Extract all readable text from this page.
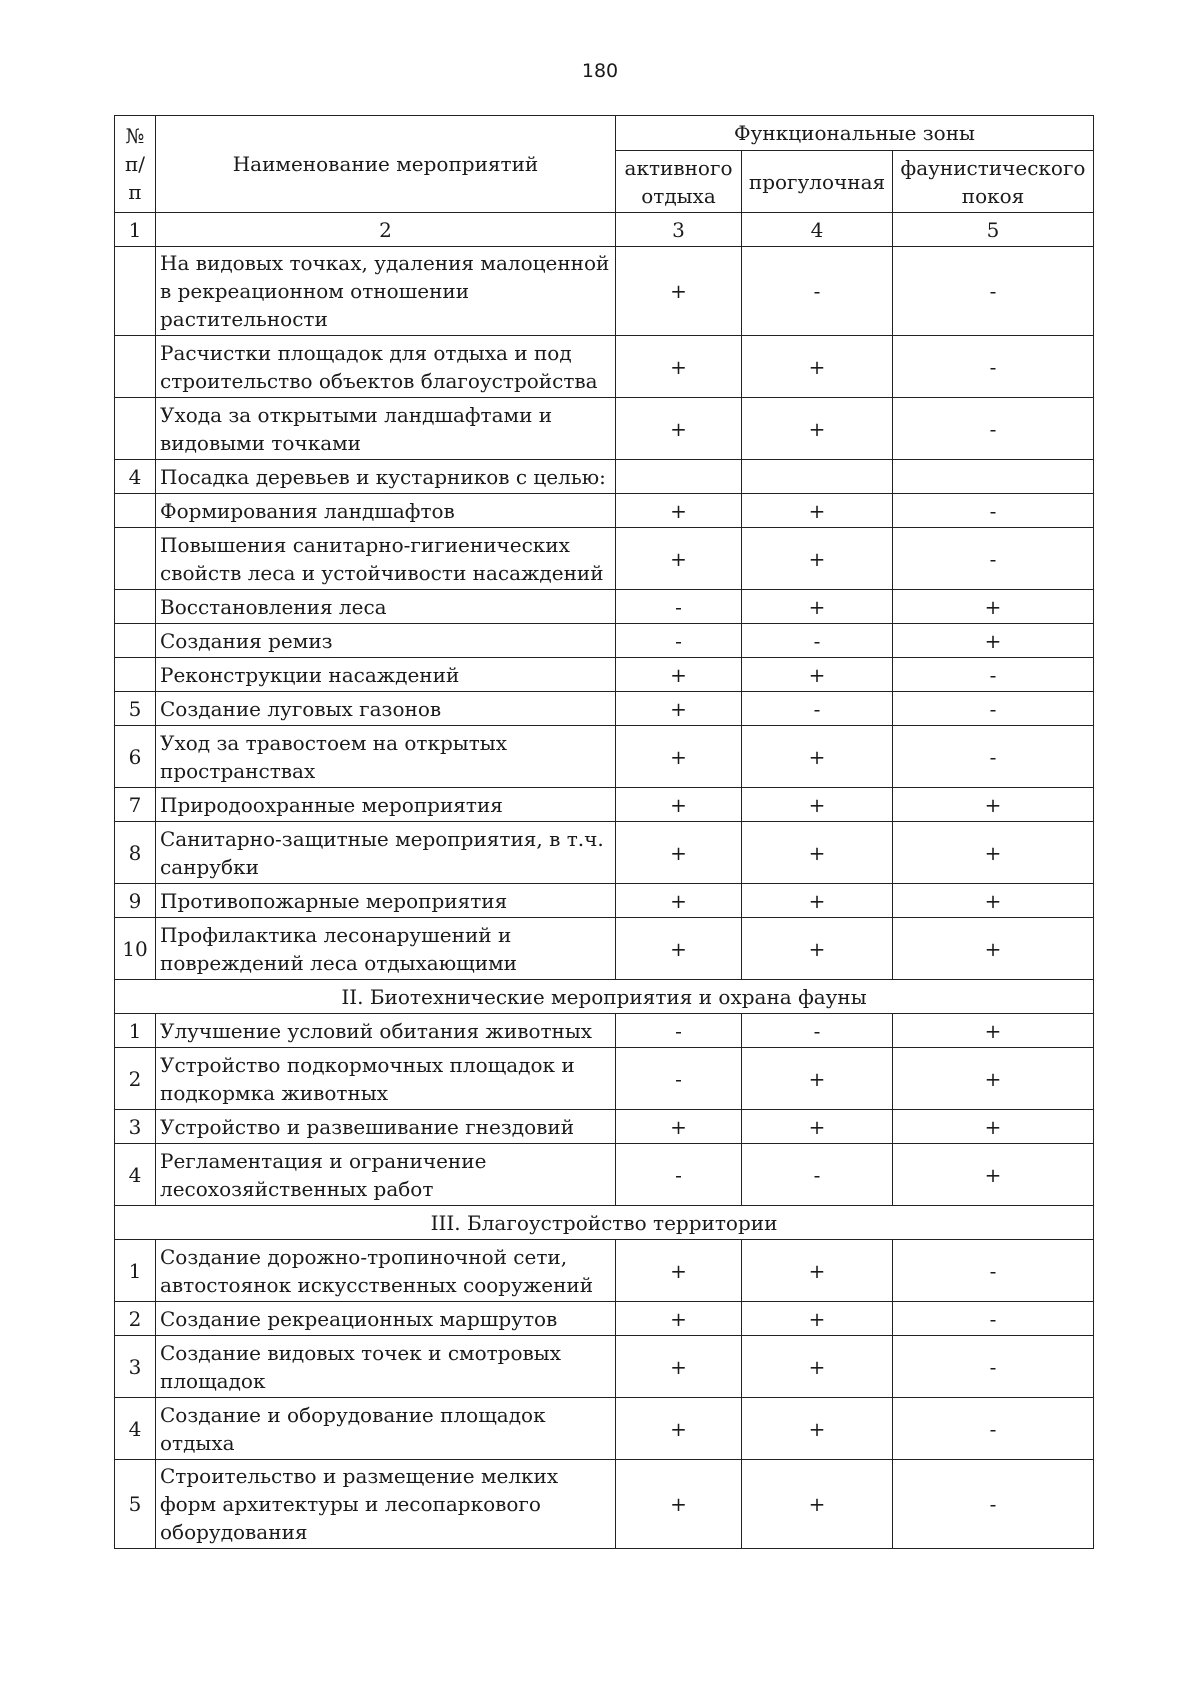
180
№ п/п	Наименование мероприятий	Функциональные зоны		
		активного отдыха	прогулочная	фаунистического покоя
1	2	3	4	5
	На видовых точках, удаления малоценной в рекреационном отношении растительности	+	-	-
	Расчистки площадок для отдыха и под строительство объектов благоустройства	+	+	-
	Ухода за открытыми ландшафтами и видовыми точками	+	+	-
4	Посадка деревьев и кустарников с целью:			
	Формирования ландшафтов	+	+	-
	Повышения санитарно-гигиенических свойств леса и устойчивости насаждений	+	+	-
	Восстановления леса	-	+	+
	Создания ремиз	-	-	+
	Реконструкции насаждений	+	+	-
5	Создание луговых газонов	+	-	-
6	Уход за травостоем на открытых пространствах	+	+	-
7	Природоохранные мероприятия	+	+	+
8	Санитарно-защитные мероприятия, в т.ч. санрубки	+	+	+
9	Противопожарные мероприятия	+	+	+
10	Профилактика лесонарушений и повреждений леса отдыхающими	+	+	+
II. Биотехнические мероприятия и охрана фауны				
1	Улучшение условий обитания животных	-	-	+
2	Устройство подкормочных площадок и подкормка животных	-	+	+
3	Устройство и развешивание гнездовий	+	+	+
4	Регламентация и ограничение лесохозяйственных работ	-	-	+
III. Благоустройство территории				
1	Создание дорожно-тропиночной сети, автостоянок искусственных сооружений	+	+	-
2	Создание рекреационных маршрутов	+	+	-
3	Создание видовых точек и смотровых площадок	+	+	-
4	Создание и оборудование площадок отдыха	+	+	-
5	Строительство и размещение мелких форм архитектуры и лесопаркового оборудования	+	+	-
